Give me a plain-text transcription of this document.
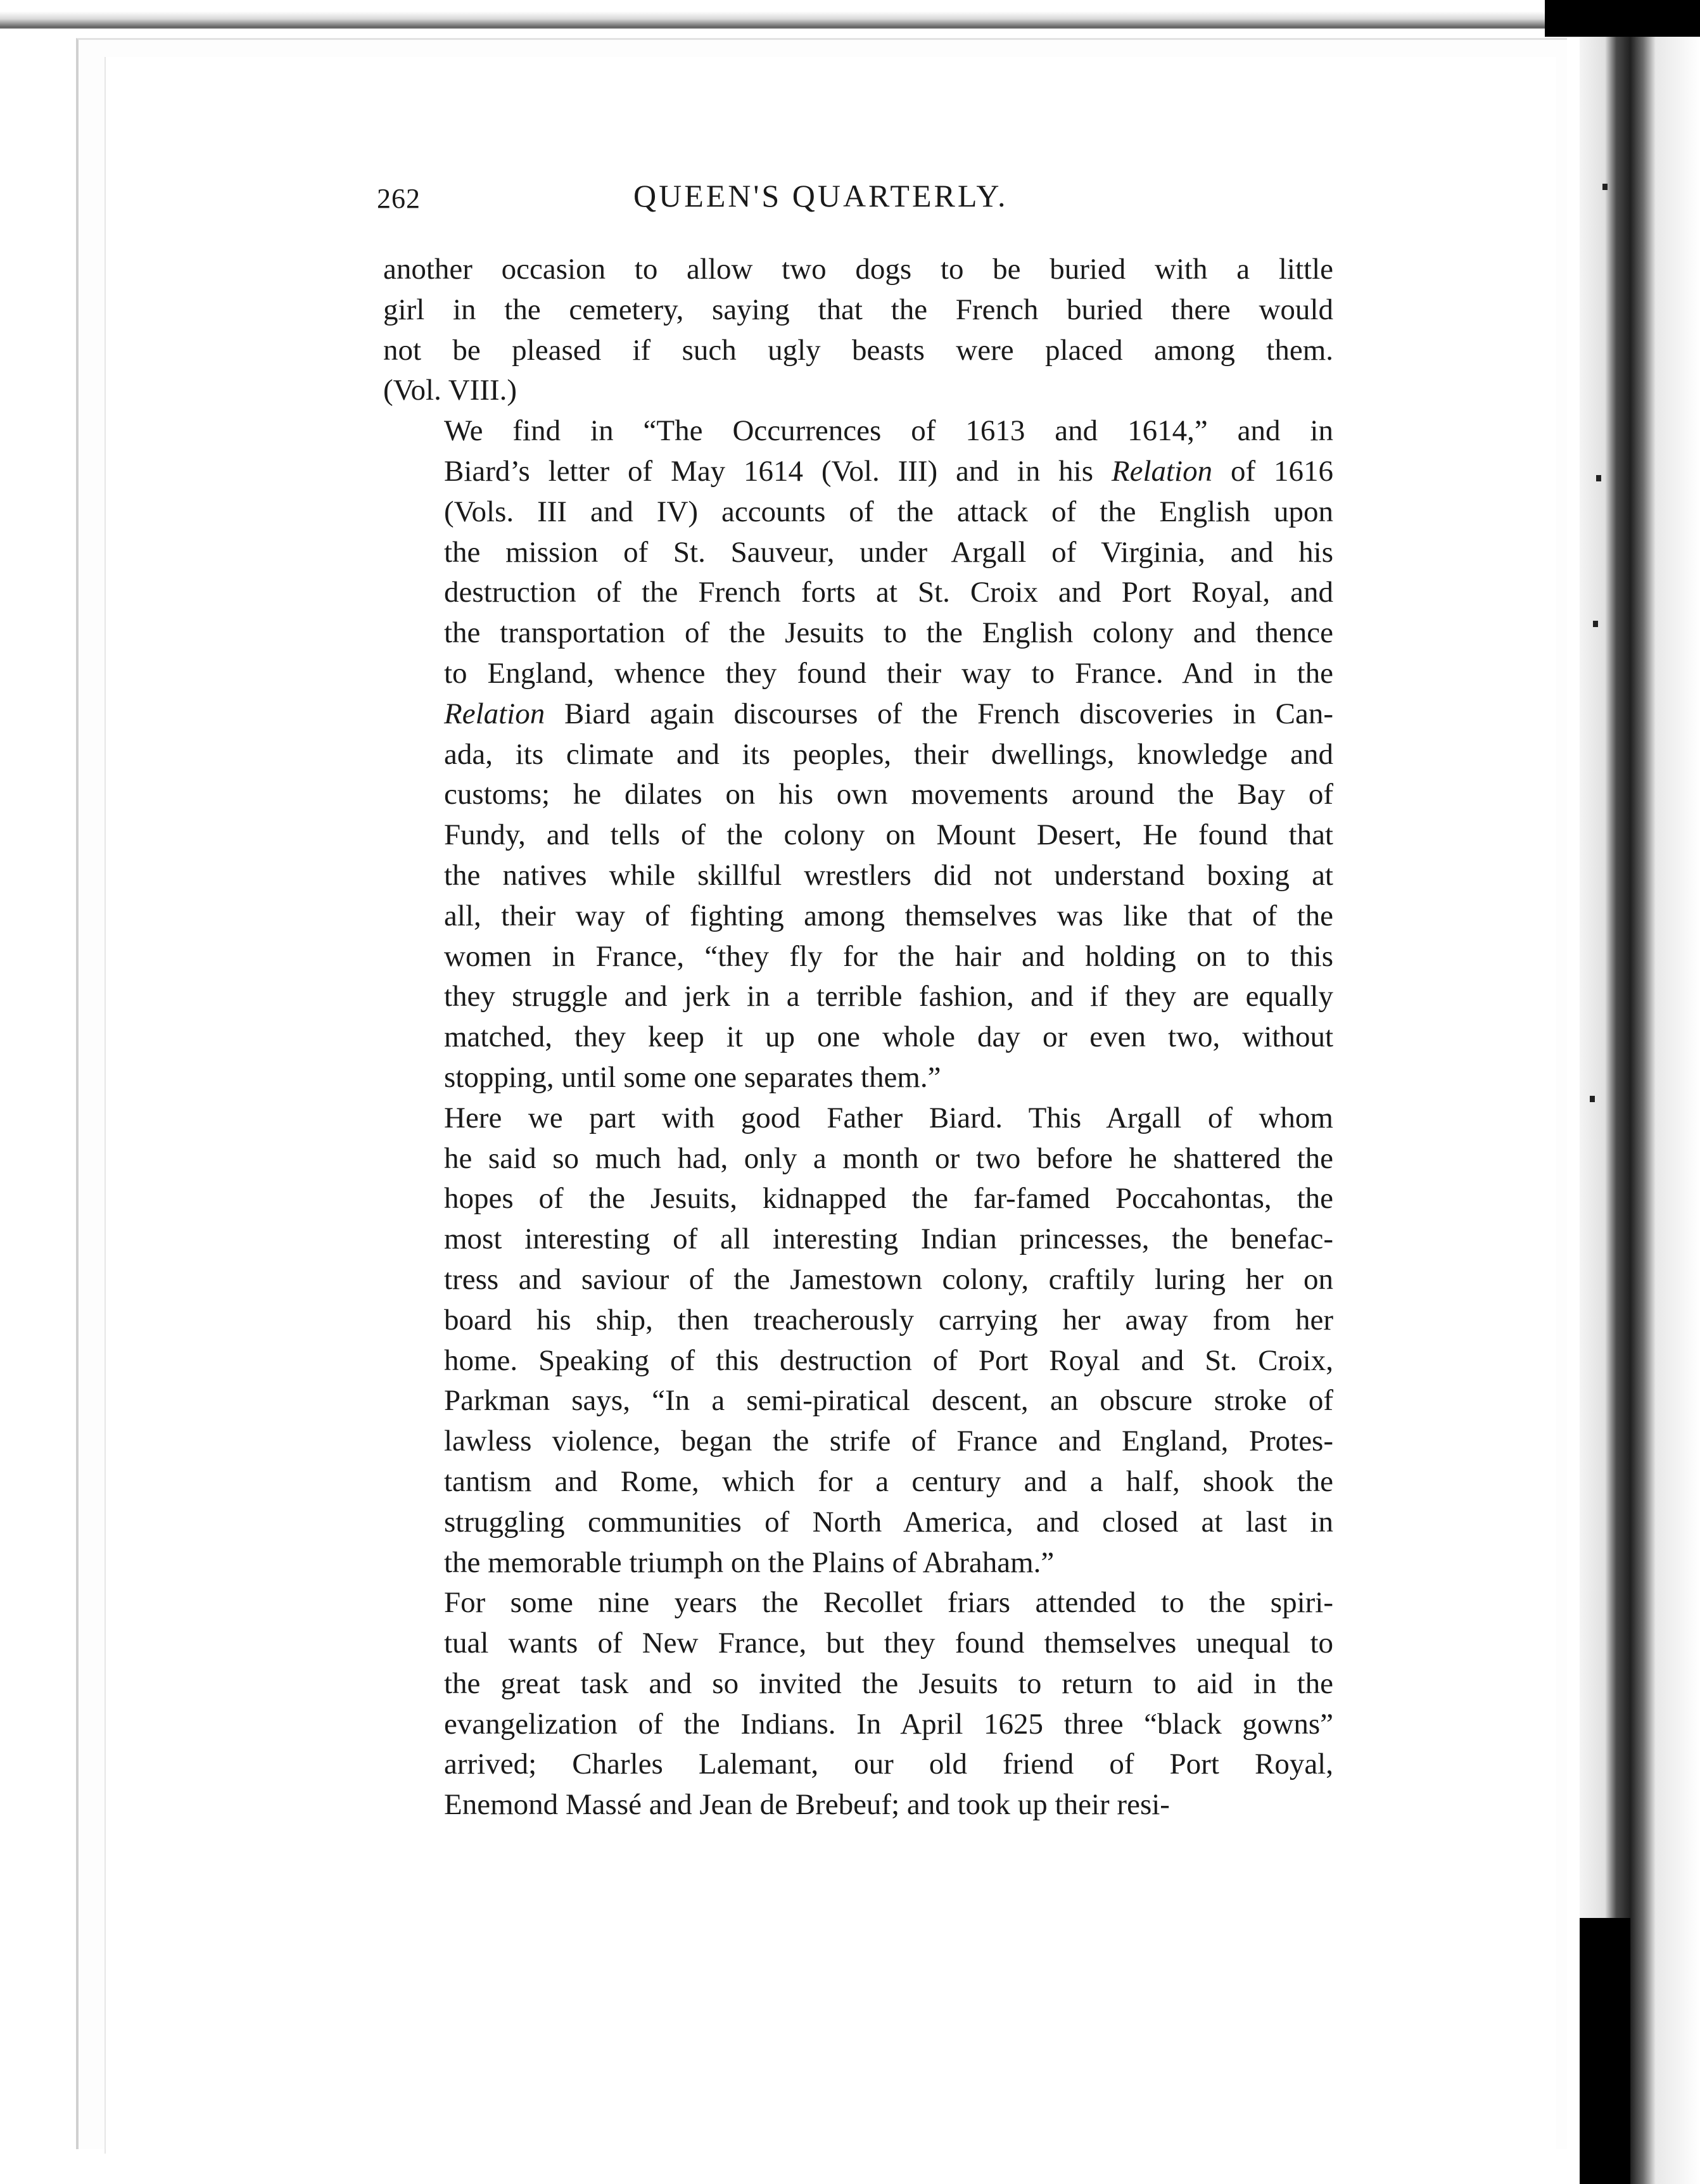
262	QUEEN'S QUARTERLY.

another occasion to allow two dogs to be buried with a little
girl in the cemetery, saying that the French buried there would
not be pleased if such ugly beasts were placed among them.
(Vol. VIII.)

We find in “The Occurrences of 1613 and 1614,” and in
Biard’s letter of May 1614 (Vol. III) and in his Relation of 1616
(Vols. III and IV) accounts of the attack of the English upon
the mission of St. Sauveur, under Argall of Virginia, and his
destruction of the French forts at St. Croix and Port Royal, and
the transportation of the Jesuits to the English colony and thence
to England, whence they found their way to France. And in the
Relation Biard again discourses of the French discoveries in Can-
ada, its climate and its peoples, their dwellings, knowledge and
customs; he dilates on his own movements around the Bay of
Fundy, and tells of the colony on Mount Desert, He found that
the natives while skillful wrestlers did not understand boxing at
all, their way of fighting among themselves was like that of the
women in France, “they fly for the hair and holding on to this
they struggle and jerk in a terrible fashion, and if they are equally
matched, they keep it up one whole day or even two, without
stopping, until some one separates them.”

Here we part with good Father Biard. This Argall of whom
he said so much had, only a month or two before he shattered the
hopes of the Jesuits, kidnapped the far-famed Poccahontas, the
most interesting of all interesting Indian princesses, the benefac-
tress and saviour of the Jamestown colony, craftily luring her on
board his ship, then treacherously carrying her away from her
home. Speaking of this destruction of Port Royal and St. Croix,
Parkman says, “In a semi-piratical descent, an obscure stroke of
lawless violence, began the strife of France and England, Protes-
tantism and Rome, which for a century and a half, shook the
struggling communities of North America, and closed at last in
the memorable triumph on the Plains of Abraham.”

For some nine years the Recollet friars attended to the spiri-
tual wants of New France, but they found themselves unequal to
the great task and so invited the Jesuits to return to aid in the
evangelization of the Indians. In April 1625 three “black gowns”
arrived; Charles Lalemant, our old friend of Port Royal,
Enemond Massé and Jean de Brebeuf; and took up their resi-
